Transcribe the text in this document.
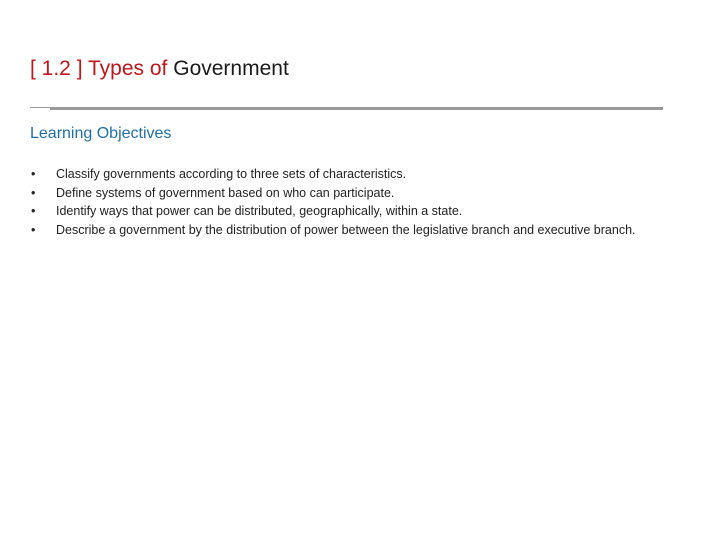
[ 1.2 ] Types of Government
Learning Objectives
• Classify governments according to three sets of characteristics.
• Define systems of government based on who can participate.
• Identify ways that power can be distributed, geographically, within a state.
• Describe a government by the distribution of power between the legislative branch and executive branch.
